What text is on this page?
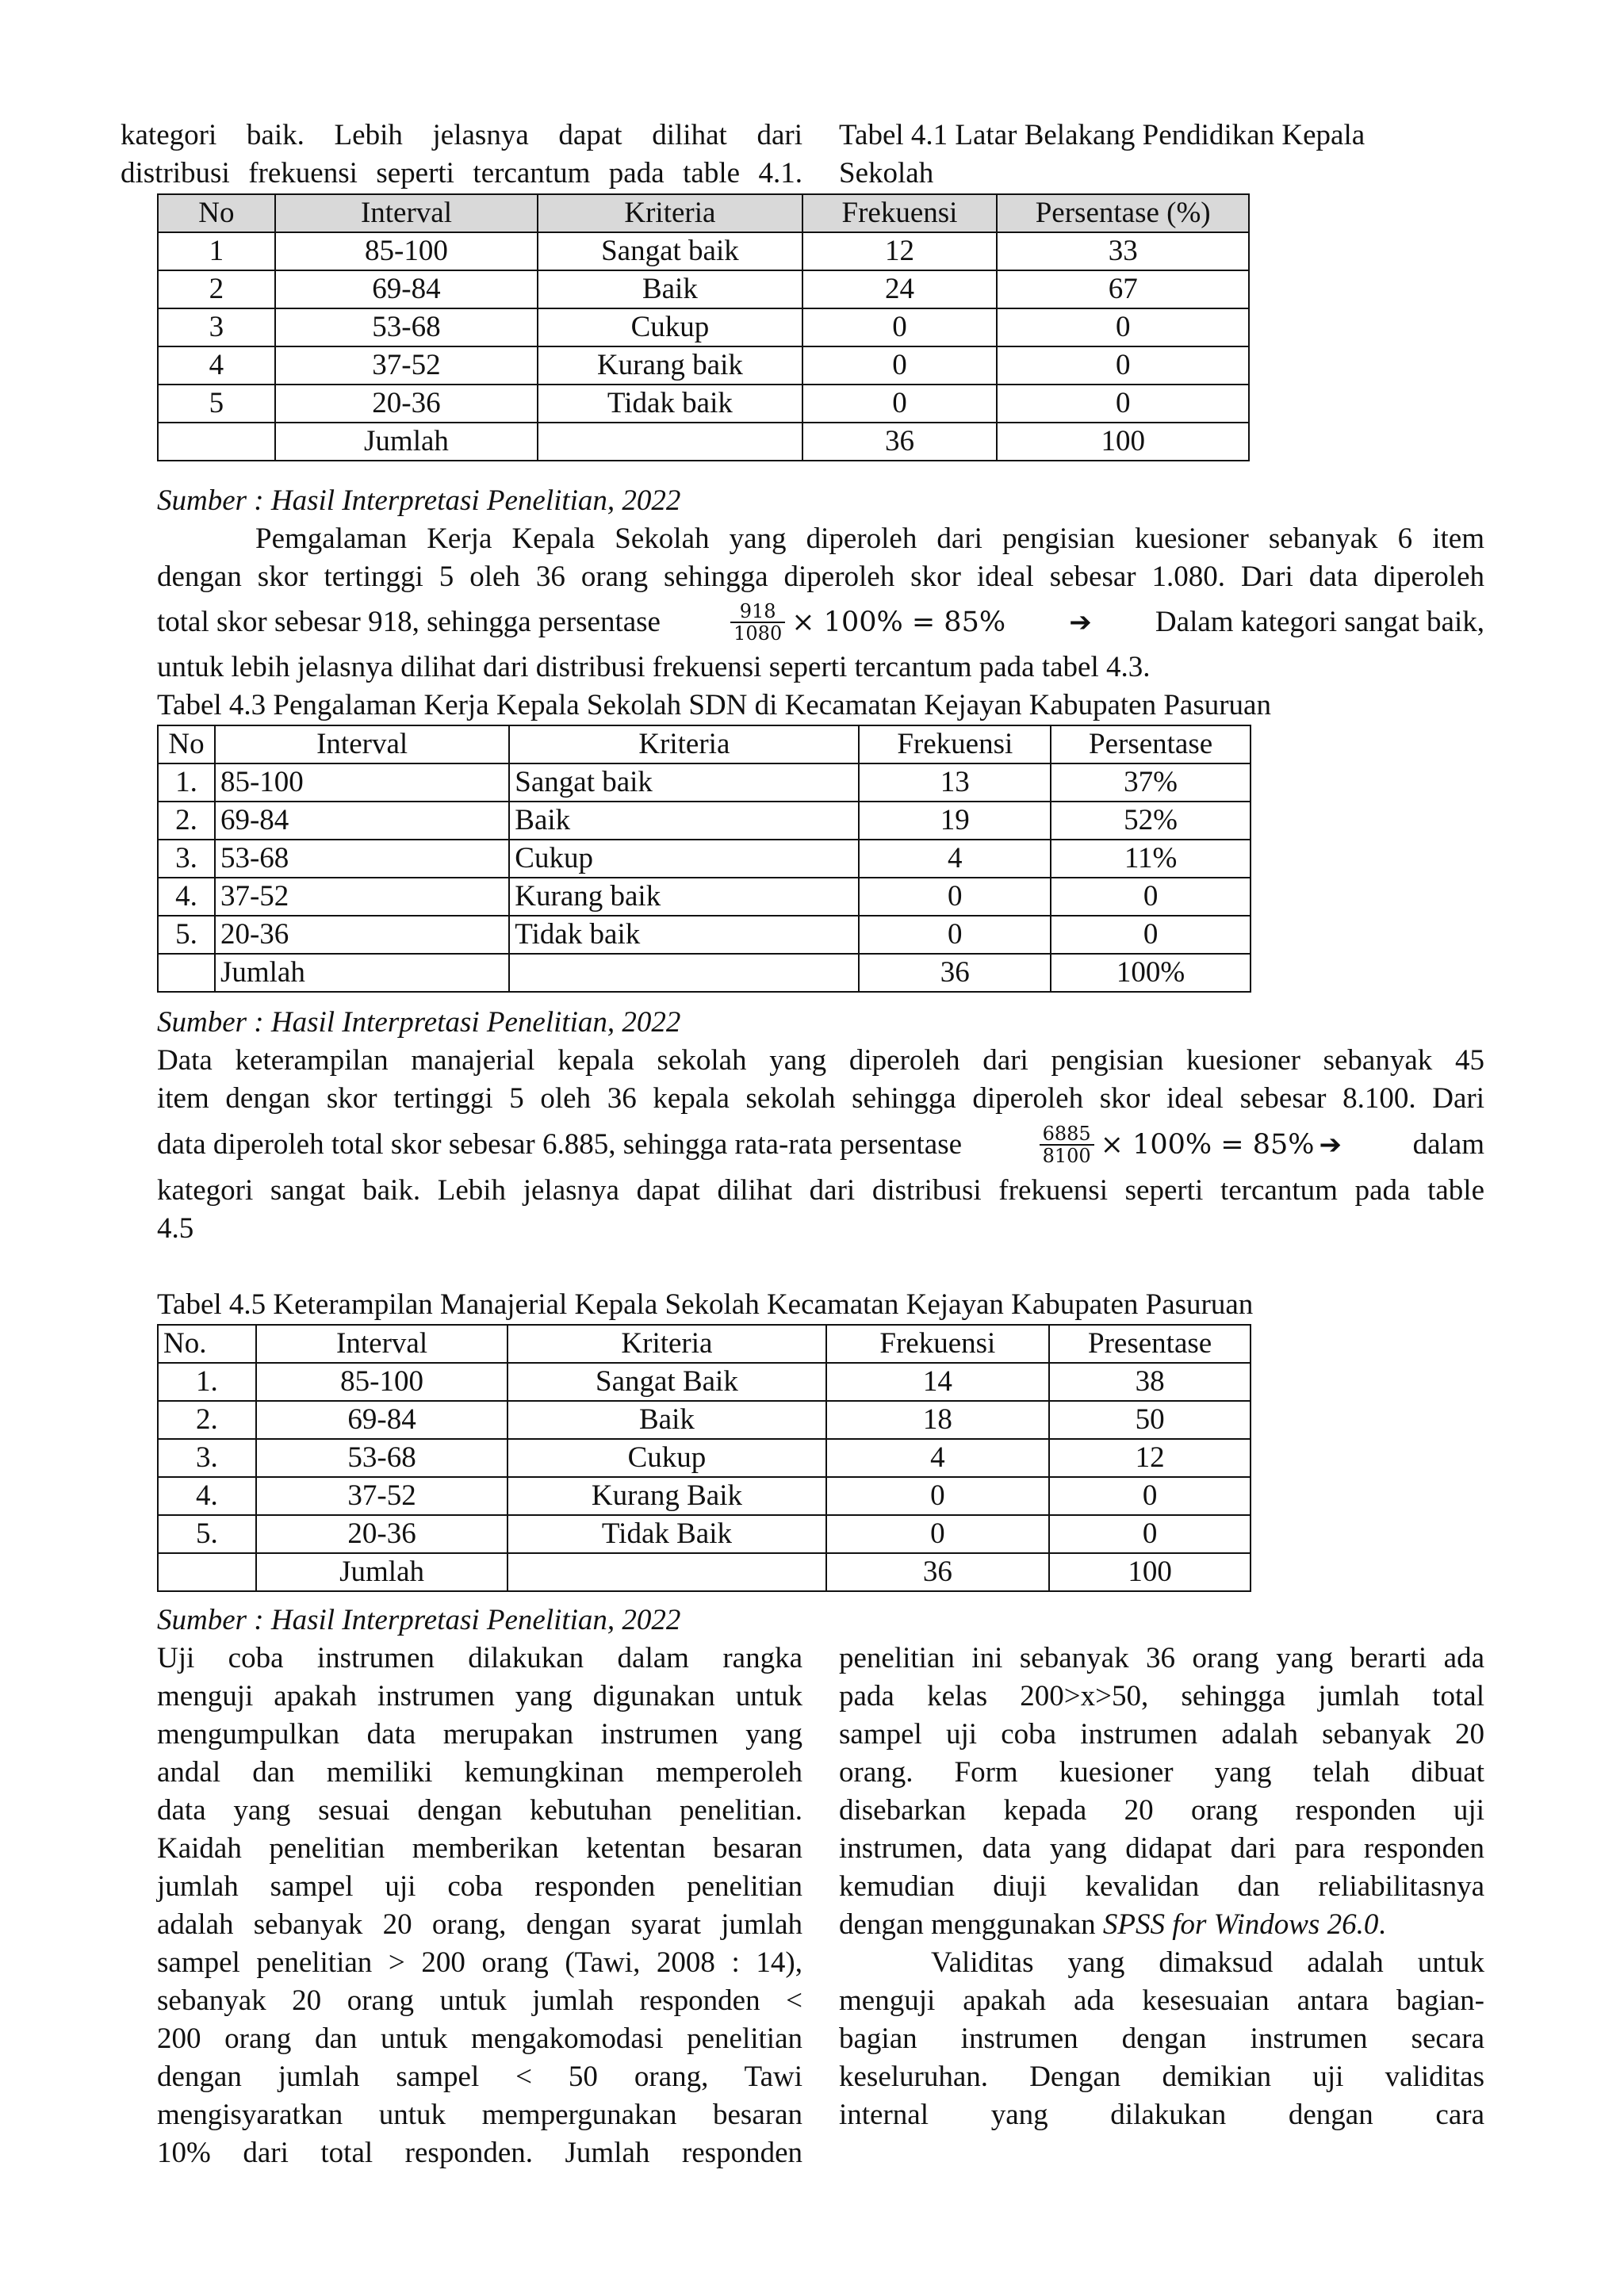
kategori baik. Lebih jelasnya dapat dilihat dari
distribusi frekuensi seperti tercantum pada table 4.1.
Tabel 4.1 Latar Belakang Pendidikan Kepala
Sekolah
No	Interval	Kriteria	Frekuensi	Persentase (%)
1	85-100	Sangat baik	12	33
2	69-84	Baik	24	67
3	53-68	Cukup	0	0
4	37-52	Kurang baik	0	0
5	20-36	Tidak baik	0	0
	Jumlah		36	100
Sumber : Hasil Interpretasi Penelitian, 2022
Pemgalaman Kerja Kepala Sekolah yang diperoleh dari pengisian kuesioner sebanyak 6 item
dengan skor tertinggi 5 oleh 36 orang sehingga diperoleh skor ideal sebesar 1.080. Dari data diperoleh
total skor sebesar 918, sehingga persentase	$\frac{918}{1080} \times 100\% = 85\%$ ➔ Dalam kategori sangat baik,
untuk lebih jelasnya dilihat dari distribusi frekuensi seperti tercantum pada tabel 4.3.
Tabel 4.3 Pengalaman Kerja Kepala Sekolah SDN di Kecamatan Kejayan Kabupaten Pasuruan
No	Interval	Kriteria	Frekuensi	Persentase
1.	85-100	Sangat baik	13	37%
2.	69-84	Baik	19	52%
3.	53-68	Cukup	4	11%
4.	37-52	Kurang baik	0	0
5.	20-36	Tidak baik	0	0
	Jumlah		36	100%
Sumber : Hasil Interpretasi Penelitian, 2022
Data keterampilan manajerial kepala sekolah yang diperoleh dari pengisian kuesioner sebanyak 45
item dengan skor tertinggi 5 oleh 36 kepala sekolah sehingga diperoleh skor ideal sebesar 8.100. Dari
data diperoleh total skor sebesar 6.885, sehingga rata-rata persentase	$\frac{6885}{8100} \times 100\% = 85\%$ ➔ dalam
kategori sangat baik. Lebih jelasnya dapat dilihat dari distribusi frekuensi seperti tercantum pada table
4.5
Tabel 4.5 Keterampilan Manajerial Kepala Sekolah Kecamatan Kejayan Kabupaten Pasuruan
No.	Interval	Kriteria	Frekuensi	Presentase
1.	85-100	Sangat Baik	14	38
2.	69-84	Baik	18	50
3.	53-68	Cukup	4	12
4.	37-52	Kurang Baik	0	0
5.	20-36	Tidak Baik	0	0
	Jumlah		36	100
Sumber : Hasil Interpretasi Penelitian, 2022
Uji coba instrumen dilakukan dalam rangka
menguji apakah instrumen yang digunakan untuk
mengumpulkan data merupakan instrumen yang
andal dan memiliki kemungkinan memperoleh
data yang sesuai dengan kebutuhan penelitian.
Kaidah penelitian memberikan ketentan besaran
jumlah sampel uji coba responden penelitian
adalah sebanyak 20 orang, dengan syarat jumlah
sampel penelitian > 200 orang (Tawi, 2008 : 14),
sebanyak 20 orang untuk jumlah responden <
200 orang dan untuk mengakomodasi penelitian
dengan jumlah sampel < 50 orang, Tawi
mengisyaratkan untuk mempergunakan besaran
10% dari total responden. Jumlah responden
penelitian ini sebanyak 36 orang yang berarti ada
pada kelas 200>x>50, sehingga jumlah total
sampel uji coba instrumen adalah sebanyak 20
orang. Form kuesioner yang telah dibuat
disebarkan kepada 20 orang responden uji
instrumen, data yang didapat dari para responden
kemudian diuji kevalidan dan reliabilitasnya
dengan menggunakan SPSS for Windows 26.0.
Validitas yang dimaksud adalah untuk
menguji apakah ada kesesuaian antara bagian-
bagian instrumen dengan instrumen secara
keseluruhan. Dengan demikian uji validitas
internal yang dilakukan dengan cara
